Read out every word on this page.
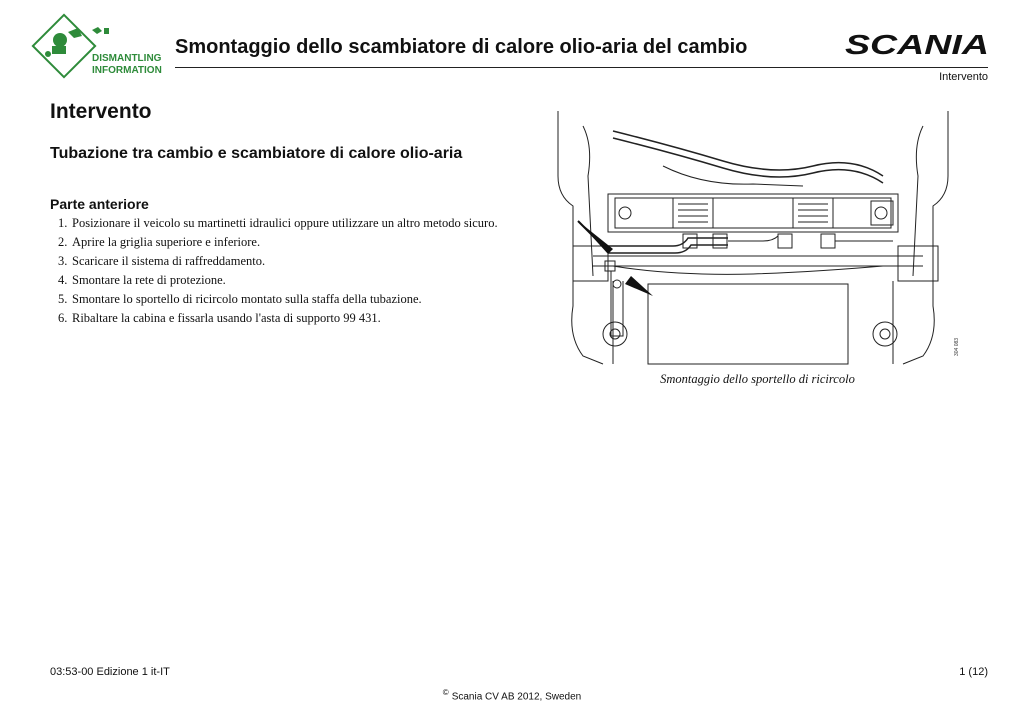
DISMANTLING
INFORMATION
Smontaggio dello scambiatore di calore olio-aria del cambio	SCANIA
Intervento
Intervento
Tubazione tra cambio e scambiatore di calore olio-aria
Parte anteriore
1. Posizionare il veicolo su martinetti idraulici oppure utilizzare un altro metodo sicuro.
2. Aprire la griglia superiore e inferiore.
3. Scaricare il sistema di raffreddamento.
4. Smontare la rete di protezione.
5. Smontare lo sportello di ricircolo montato sulla staffa della tubazione.
6. Ribaltare la cabina e fissarla usando l'asta di supporto 99 431.
304 083
Smontaggio dello sportello di ricircolo
03:53-00 Edizione 1 it-IT	1 (12)
© Scania CV AB 2012, Sweden
